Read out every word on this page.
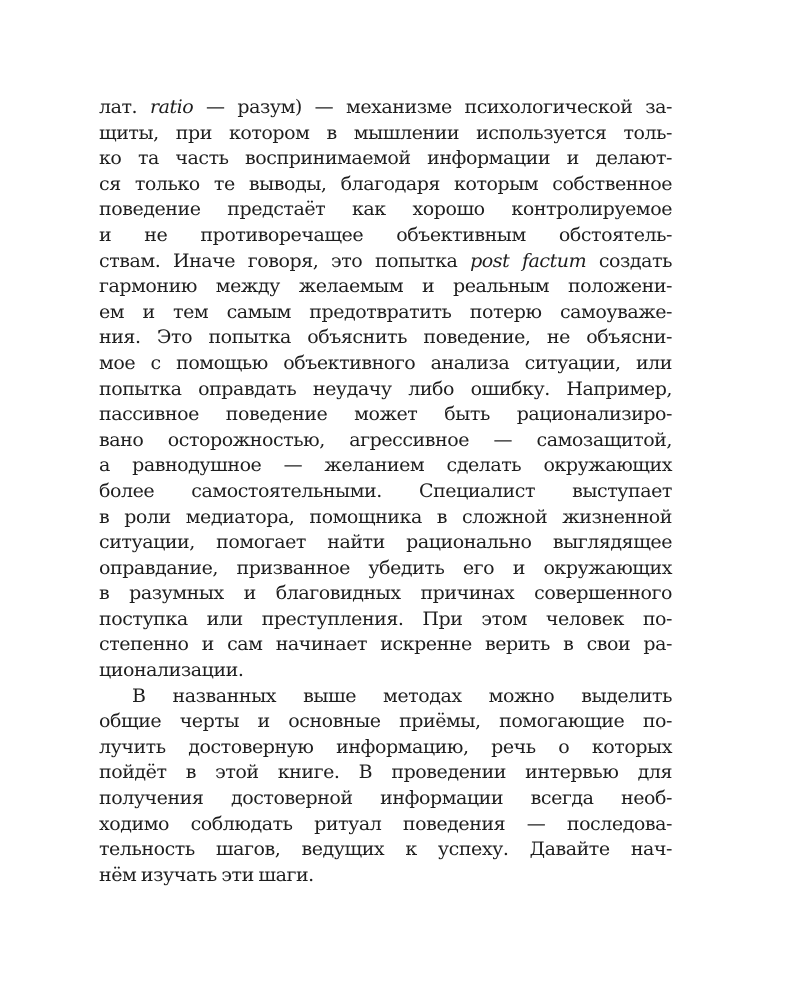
лат. ratio — разум) — механизме психологической за-
щиты, при котором в мышлении используется толь-
ко та часть воспринимаемой информации и делают-
ся только те выводы, благодаря которым собственное
поведение предстаёт как хорошо контролируемое
и не противоречащее объективным обстоятель-
ствам. Иначе говоря, это попытка post factum создать
гармонию между желаемым и реальным положени-
ем и тем самым предотвратить потерю самоуваже-
ния. Это попытка объяснить поведение, не объясни-
мое с помощью объективного анализа ситуации, или
попытка оправдать неудачу либо ошибку. Например,
пассивное поведение может быть рационализиро-
вано осторожностью, агрессивное — самозащитой,
а равнодушное — желанием сделать окружающих
более самостоятельными. Специалист выступает
в роли медиатора, помощника в сложной жизненной
ситуации, помогает найти рационально выглядящее
оправдание, призванное убедить его и окружающих
в разумных и благовидных причинах совершенного
поступка или преступления. При этом человек по-
степенно и сам начинает искренне верить в свои ра-
ционализации.
В названных выше методах можно выделить
общие черты и основные приёмы, помогающие по-
лучить достоверную информацию, речь о которых
пойдёт в этой книге. В проведении интервью для
получения достоверной информации всегда необ-
ходимо соблюдать ритуал поведения — последова-
тельность шагов, ведущих к успеху. Давайте нач-
нём изучать эти шаги.
